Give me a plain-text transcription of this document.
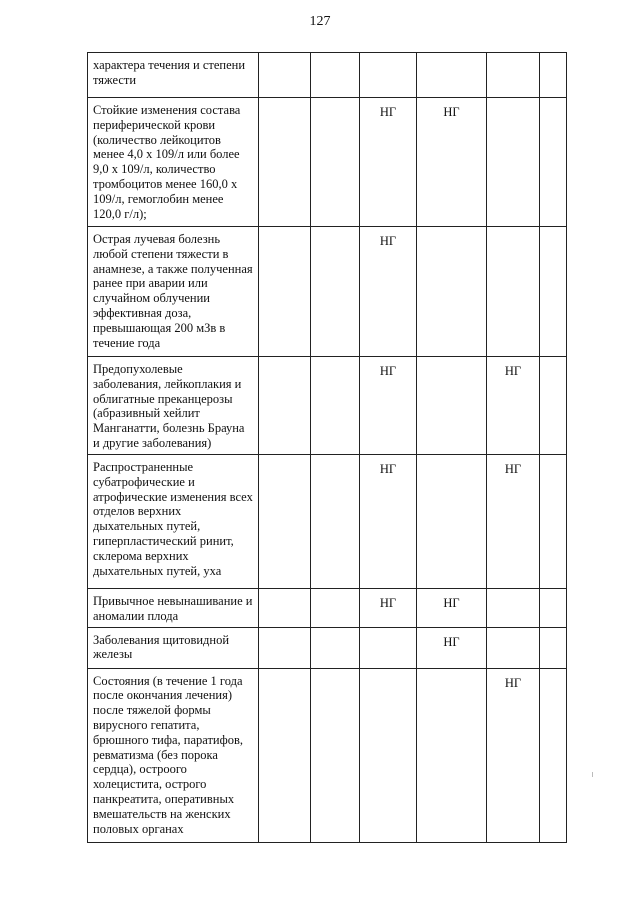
127
характера течения и степени тяжести						
Стойкие изменения состава периферической крови (количество лейкоцитов менее 4,0 x 109/л или более 9,0 x 109/л, количество тромбоцитов менее 160,0 x 109/л, гемоглобин менее 120,0 г/л);			НГ	НГ		
Острая лучевая болезнь любой степени тяжести в анамнезе, а также полученная ранее при аварии или случайном облучении эффективная доза, превышающая 200 мЗв в течение года			НГ			
Предопухолевые заболевания, лейкоплакия и облигатные преканцерозы (абразивный хейлит Манганатти, болезнь Брауна и другие заболевания)			НГ		НГ	
Распространенные субатрофические и атрофические изменения всех отделов верхних дыхательных путей, гиперпластический ринит, склерома верхних дыхательных путей, уха			НГ		НГ	
Привычное невынашивание и аномалии плода			НГ	НГ		
Заболевания щитовидной железы				НГ		
Состояния (в течение 1 года после окончания лечения) после тяжелой формы вирусного гепатита, брюшного тифа, паратифов, ревматизма (без порока сердца), остроого холецистита, острого панкреатита, оперативных вмешательств на женских половых органах					НГ	
